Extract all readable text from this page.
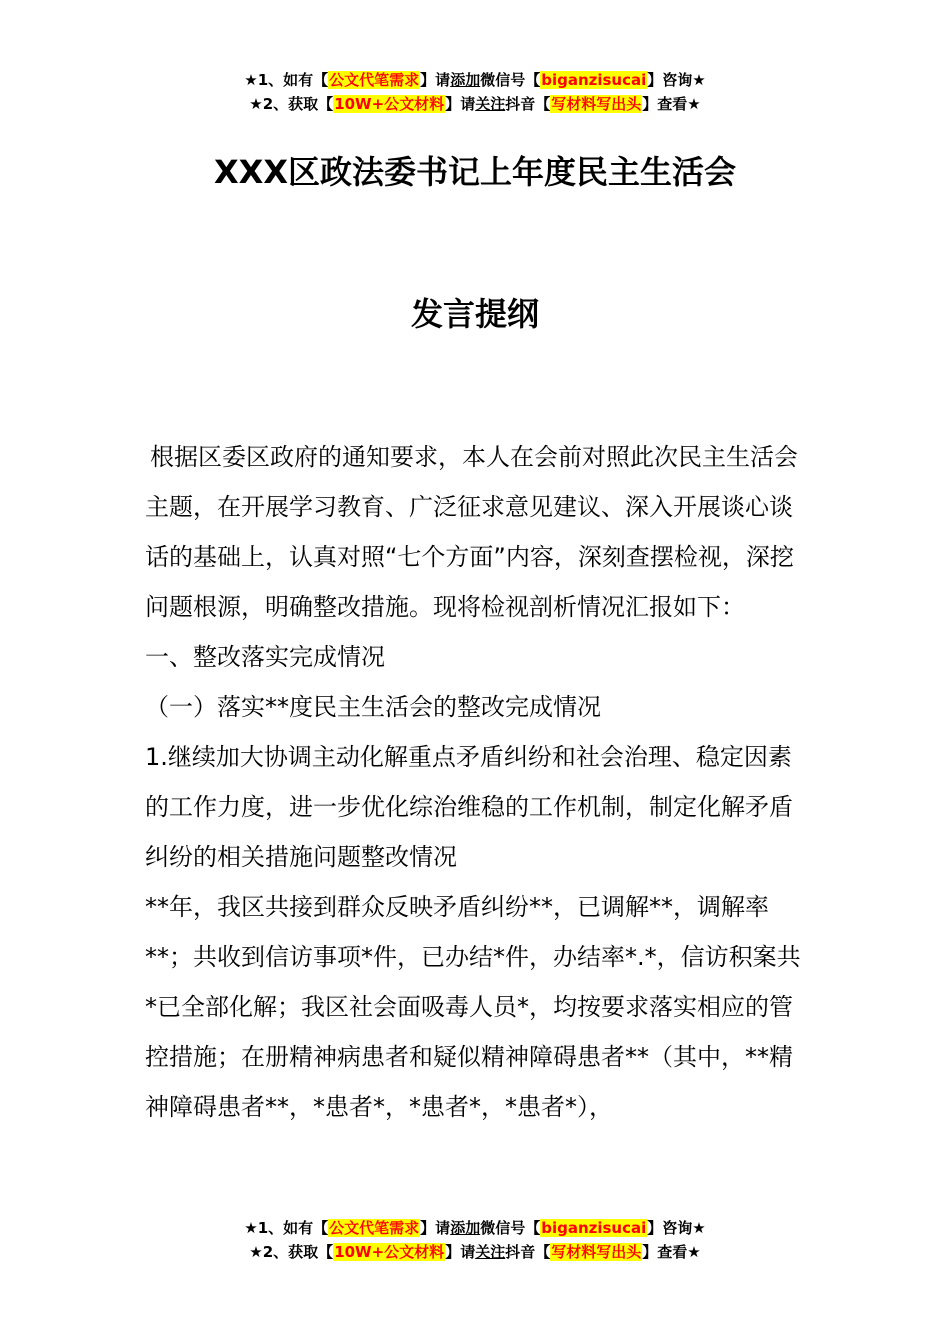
★1、如有【公文代笔需求】请添加微信号【biganzisucai】咨询★
★2、获取【10W+公文材料】请关注抖音【写材料写出头】查看★
XXX区政法委书记上年度民主生活会
发言提纲

根据区委区政府的通知要求，本人在会前对照此次民主生活会主题，在开展学习教育、广泛征求意见建议、深入开展谈心谈话的基础上，认真对照“七个方面”内容，深刻查摆检视，深挖问题根源，明确整改措施。现将检视剖析情况汇报如下：

一、整改落实完成情况

（一）落实**度民主生活会的整改完成情况

1.继续加大协调主动化解重点矛盾纠纷和社会治理、稳定因素的工作力度，进一步优化综治维稳的工作机制，制定化解矛盾纠纷的相关措施问题整改情况

**年，我区共接到群众反映矛盾纠纷**，已调解**，调解率**；共收到信访事项*件，已办结*件，办结率*.*，信访积案共*已全部化解；我区社会面吸毒人员*，均按要求落实相应的管控措施；在册精神病患者和疑似精神障碍患者**（其中，**精神障碍患者**，*患者*，*患者*，*患者*），

★1、如有【公文代笔需求】请添加微信号【biganzisucai】咨询★
★2、获取【10W+公文材料】请关注抖音【写材料写出头】查看★
